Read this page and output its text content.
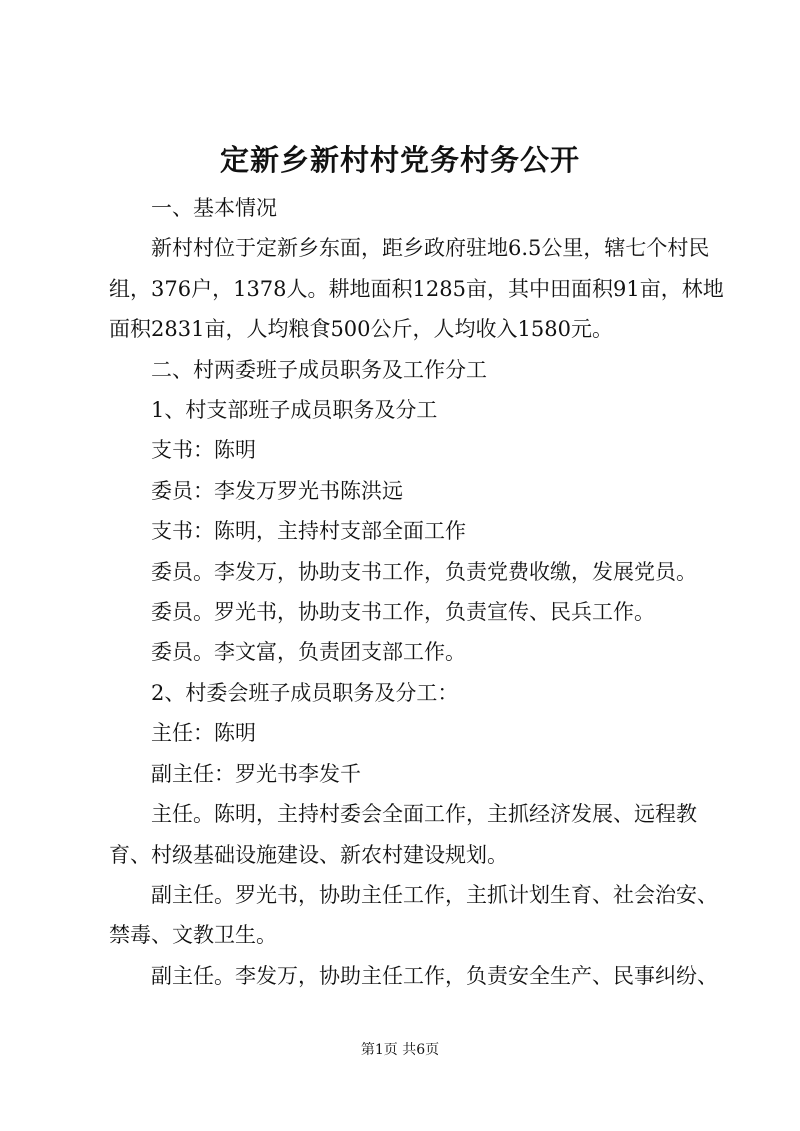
定新乡新村村党务村务公开

一、基本情况

新村村位于定新乡东面，距乡政府驻地6.5公里，辖七个村民组，376户，1378人。耕地面积1285亩，其中田面积91亩，林地面积2831亩，人均粮食500公斤，人均收入1580元。

二、村两委班子成员职务及工作分工

1、村支部班子成员职务及分工

支书：陈明

委员：李发万罗光书陈洪远

支书：陈明，主持村支部全面工作

委员。李发万，协助支书工作，负责党费收缴，发展党员。

委员。罗光书，协助支书工作，负责宣传、民兵工作。

委员。李文富，负责团支部工作。

2、村委会班子成员职务及分工：

主任：陈明

副主任：罗光书李发千

主任。陈明，主持村委会全面工作，主抓经济发展、远程教育、村级基础设施建设、新农村建设规划。

副主任。罗光书，协助主任工作，主抓计划生育、社会治安、禁毒、文教卫生。

副主任。李发万，协助主任工作，负责安全生产、民事纠纷、

第1页 共6页
